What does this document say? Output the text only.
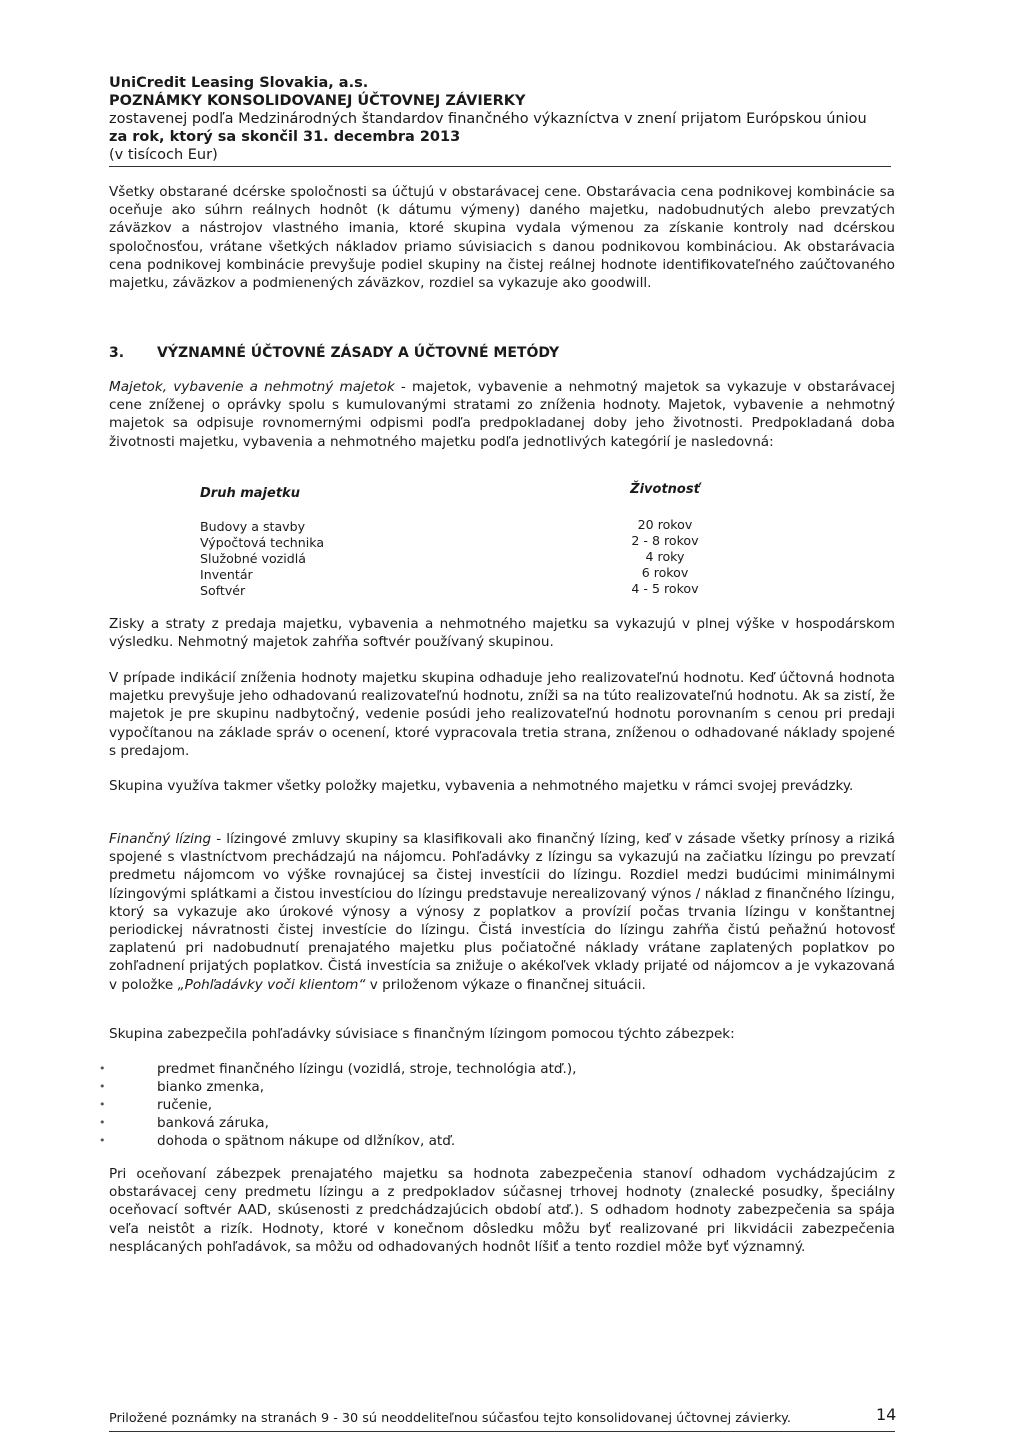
UniCredit Leasing Slovakia, a.s.
POZNÁMKY KONSOLIDOVANEJ ÚČTOVNEJ ZÁVIERKY
zostavenej podľa Medzinárodných štandardov finančného výkazníctva v znení prijatom Európskou úniou
za rok, ktorý sa skončil 31. decembra 2013
(v tisícoch Eur)

Všetky obstarané dcérske spoločnosti sa účtujú v obstarávacej cene. Obstarávacia cena podnikovej kombinácie sa oceňuje ako súhrn reálnych hodnôt (k dátumu výmeny) daného majetku, nadobudnutých alebo prevzatých záväzkov a nástrojov vlastného imania, ktoré skupina vydala výmenou za získanie kontroly nad dcérskou spoločnosťou, vrátane všetkých nákladov priamo súvisiacich s danou podnikovou kombináciou. Ak obstarávacia cena podnikovej kombinácie prevyšuje podiel skupiny na čistej reálnej hodnote identifikovateľného zaúčtovaného majetku, záväzkov a podmienených záväzkov, rozdiel sa vykazuje ako goodwill.

3. VÝZNAMNÉ ÚČTOVNÉ ZÁSADY A ÚČTOVNÉ METÓDY

Majetok, vybavenie a nehmotný majetok - majetok, vybavenie a nehmotný majetok sa vykazuje v obstarávacej cene zníženej o oprávky spolu s kumulovanými stratami zo zníženia hodnoty. Majetok, vybavenie a nehmotný majetok sa odpisuje rovnomernými odpismi podľa predpokladanej doby jeho životnosti. Predpokladaná doba životnosti majetku, vybavenia a nehmotného majetku podľa jednotlivých kategórií je nasledovná:

Druh majetku	Životnosť
Budovy a stavby	20 rokov
Výpočtová technika	2 - 8 rokov
Služobné vozidlá	4 roky
Inventár	6 rokov
Softvér	4 - 5 rokov

Zisky a straty z predaja majetku, vybavenia a nehmotného majetku sa vykazujú v plnej výške v hospodárskom výsledku. Nehmotný majetok zahŕňa softvér používaný skupinou.

V prípade indikácií zníženia hodnoty majetku skupina odhaduje jeho realizovateľnú hodnotu. Keď účtovná hodnota majetku prevyšuje jeho odhadovanú realizovateľnú hodnotu, zníži sa na túto realizovateľnú hodnotu. Ak sa zistí, že majetok je pre skupinu nadbytočný, vedenie posúdi jeho realizovateľnú hodnotu porovnaním s cenou pri predaji vypočítanou na základe správ o ocenení, ktoré vypracovala tretia strana, zníženou o odhadované náklady spojené s predajom.

Skupina využíva takmer všetky položky majetku, vybavenia a nehmotného majetku v rámci svojej prevádzky.

Finančný lízing - lízingové zmluvy skupiny sa klasifikovali ako finančný lízing, keď v zásade všetky prínosy a riziká spojené s vlastníctvom prechádzajú na nájomcu. Pohľadávky z lízingu sa vykazujú na začiatku lízingu po prevzatí predmetu nájomcom vo výške rovnajúcej sa čistej investícii do lízingu. Rozdiel medzi budúcimi minimálnymi lízingovými splátkami a čistou investíciou do lízingu predstavuje nerealizovaný výnos / náklad z finančného lízingu, ktorý sa vykazuje ako úrokové výnosy a výnosy z poplatkov a provízií počas trvania lízingu v konštantnej periodickej návratnosti čistej investície do lízingu. Čistá investícia do lízingu zahŕňa čistú peňažnú hotovosť zaplatenú pri nadobudnutí prenajatého majetku plus počiatočné náklady vrátane zaplatených poplatkov po zohľadnení prijatých poplatkov. Čistá investícia sa znižuje o akékoľvek vklady prijaté od nájomcov a je vykazovaná v položke „Pohľadávky voči klientom“ v priloženom výkaze o finančnej situácii.

Skupina zabezpečila pohľadávky súvisiace s finančným lízingom pomocou týchto zábezpek:

• predmet finančného lízingu (vozidlá, stroje, technológia atď.),
• bianko zmenka,
• ručenie,
• banková záruka,
• dohoda o spätnom nákupe od dlžníkov, atď.

Pri oceňovaní zábezpek prenajatého majetku sa hodnota zabezpečenia stanoví odhadom vychádzajúcim z obstarávacej ceny predmetu lízingu a z predpokladov súčasnej trhovej hodnoty (znalecké posudky, špeciálny oceňovací softvér AAD, skúsenosti z predchádzajúcich období atď.). S odhadom hodnoty zabezpečenia sa spája veľa neistôt a rizík. Hodnoty, ktoré v konečnom dôsledku môžu byť realizované pri likvidácii zabezpečenia nesplácaných pohľadávok, sa môžu od odhadovaných hodnôt líšiť a tento rozdiel môže byť významný.

Priložené poznámky na stranách 9 - 30 sú neoddeliteľnou súčasťou tejto konsolidovanej účtovnej závierky.	14
